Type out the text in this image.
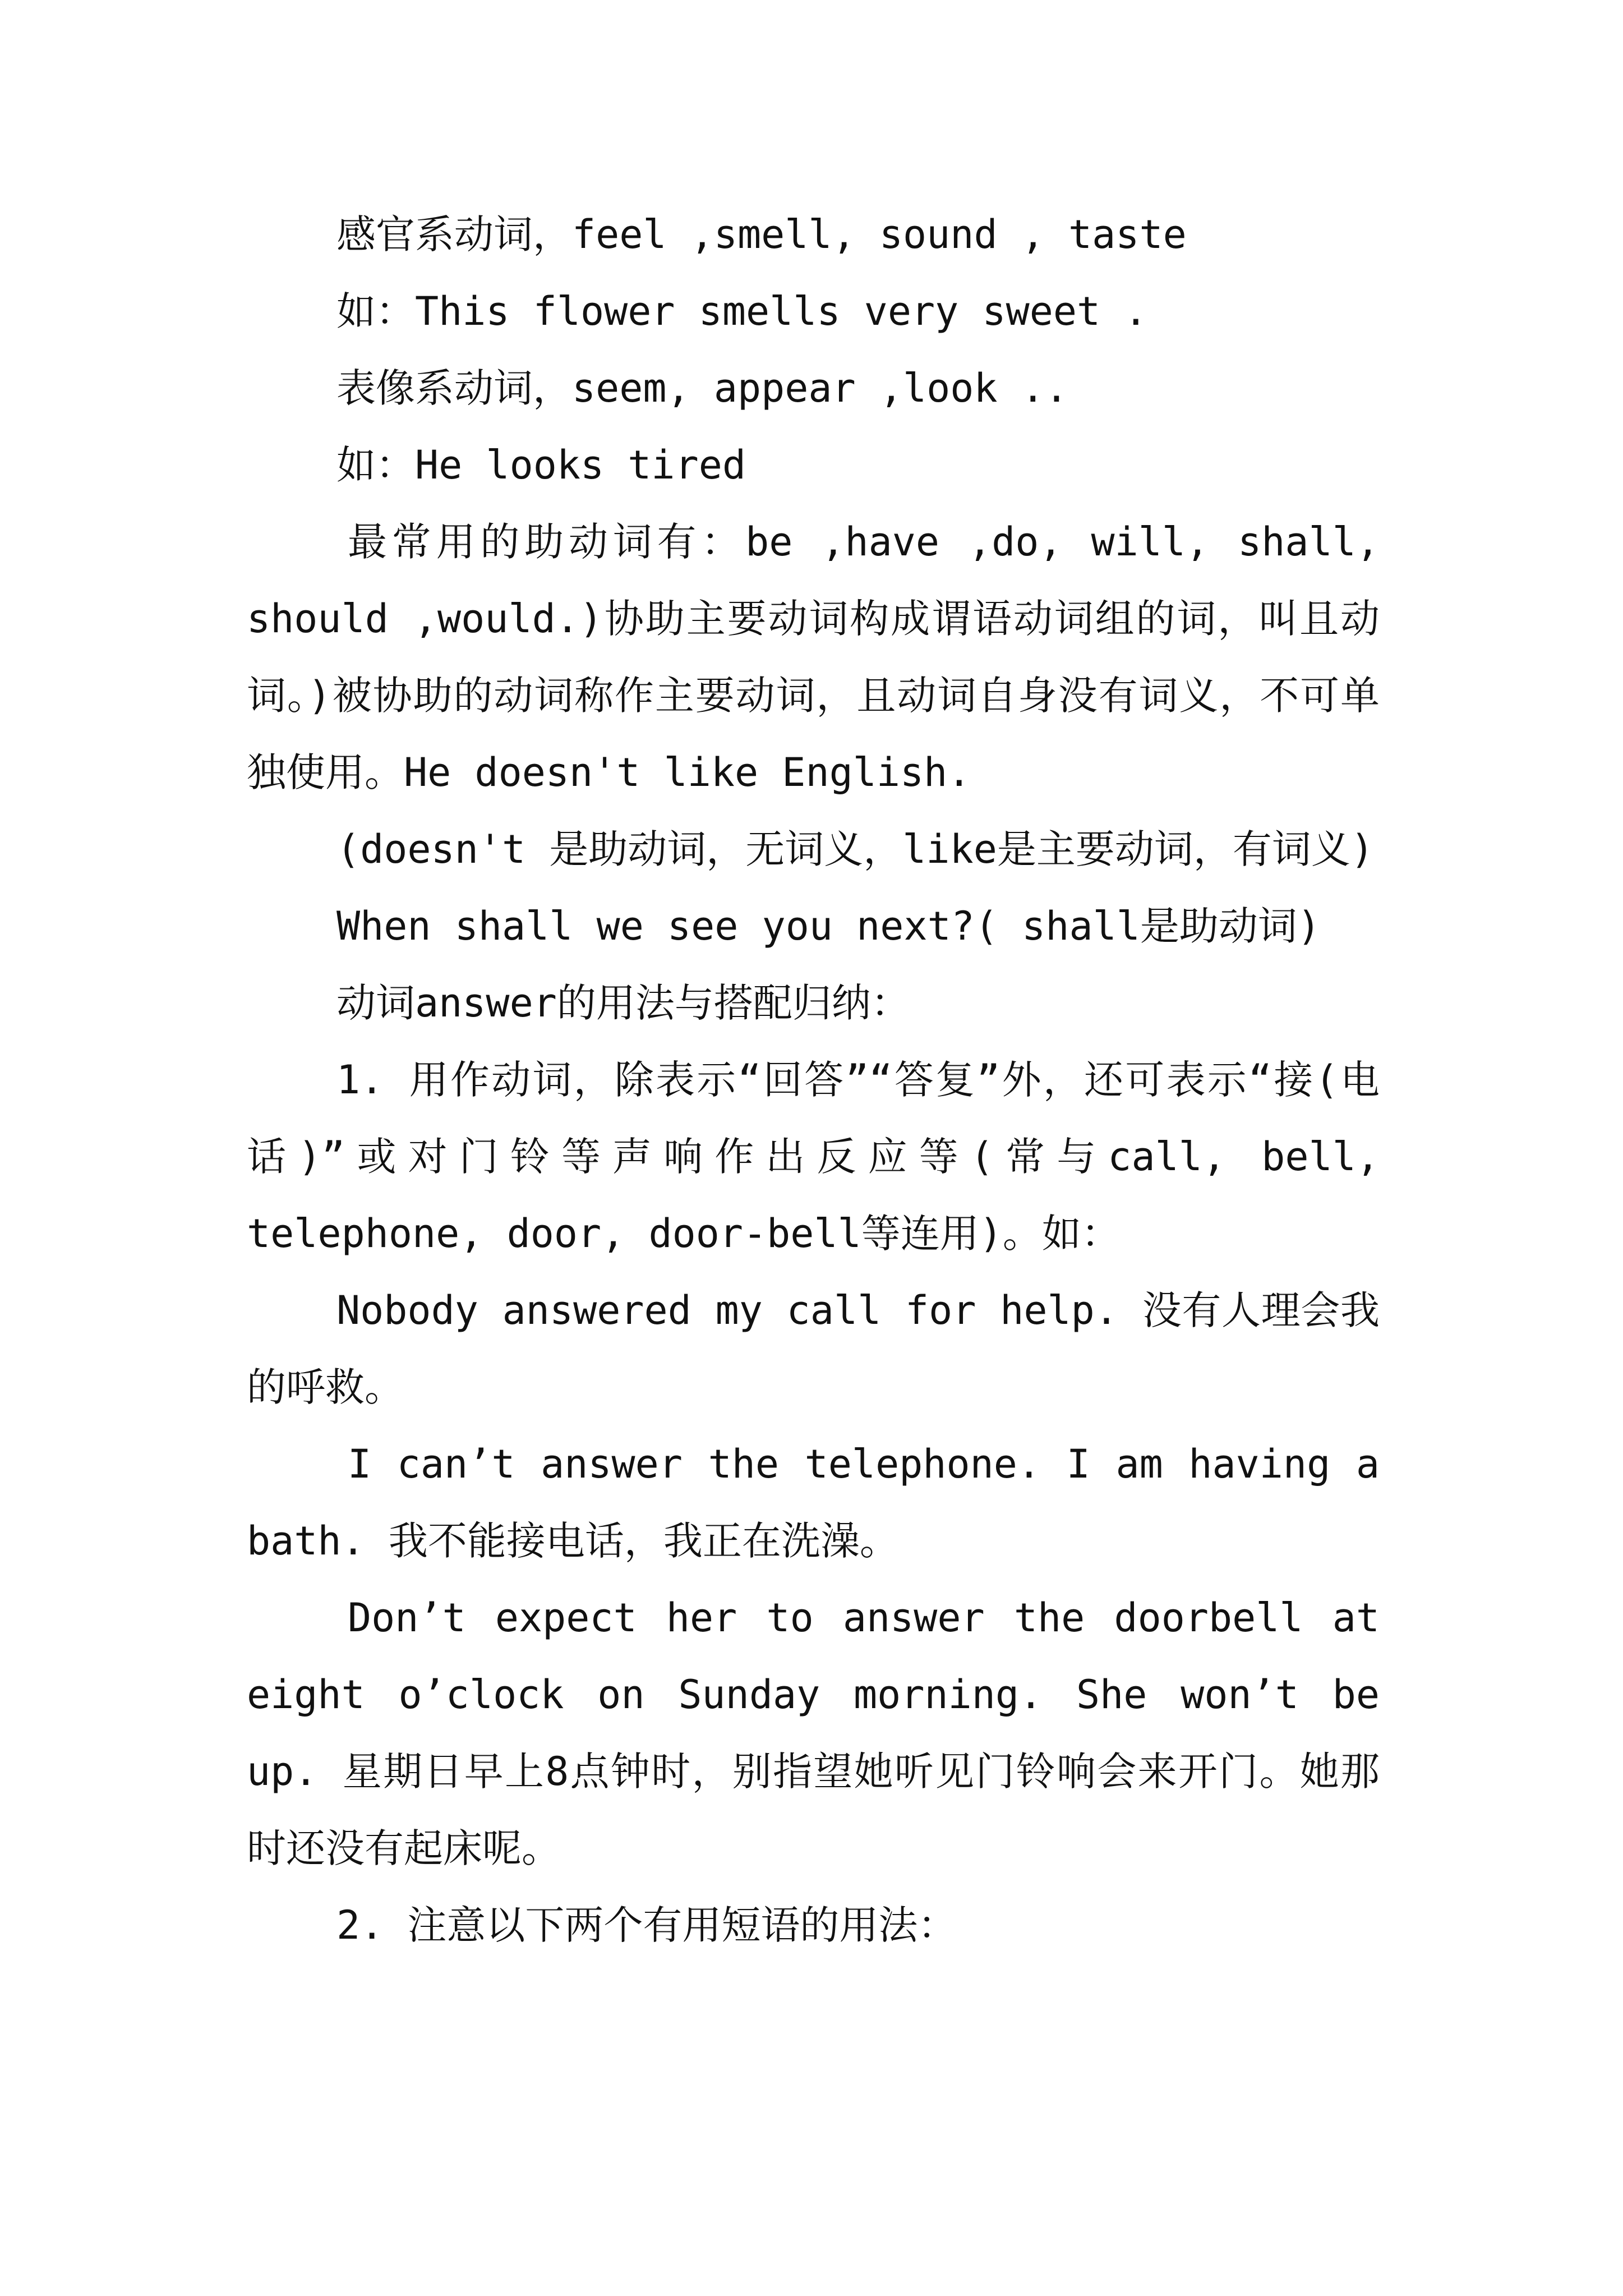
感官系动词，feel ,smell, sound , taste

如：This flower smells very sweet .

表像系动词，seem, appear ,look ..

如：He looks tired

最常用的助动词有：be ,have ,do, will, shall, should ,would.)协助主要动词构成谓语动词组的词，叫且动词。)被协助的动词称作主要动词，且动词自身没有词义，不可单独使用。He doesn't like English.

(doesn't 是助动词，无词义，like是主要动词，有词义)

When shall we see you next?( shall是助动词)

动词answer的用法与搭配归纳：

1. 用作动词，除表示“回答”“答复”外，还可表示“接(电话)”或对门铃等声响作出反应等(常与call, bell, telephone, door, door-bell等连用)。如：

Nobody answered my call for help. 没有人理会我的呼救。

I can’t answer the telephone. I am having a bath. 我不能接电话，我正在洗澡。

Don’t expect her to answer the doorbell at eight o’clock on Sunday morning. She won’t be up. 星期日早上8点钟时，别指望她听见门铃响会来开门。她那时还没有起床呢。

2. 注意以下两个有用短语的用法：
